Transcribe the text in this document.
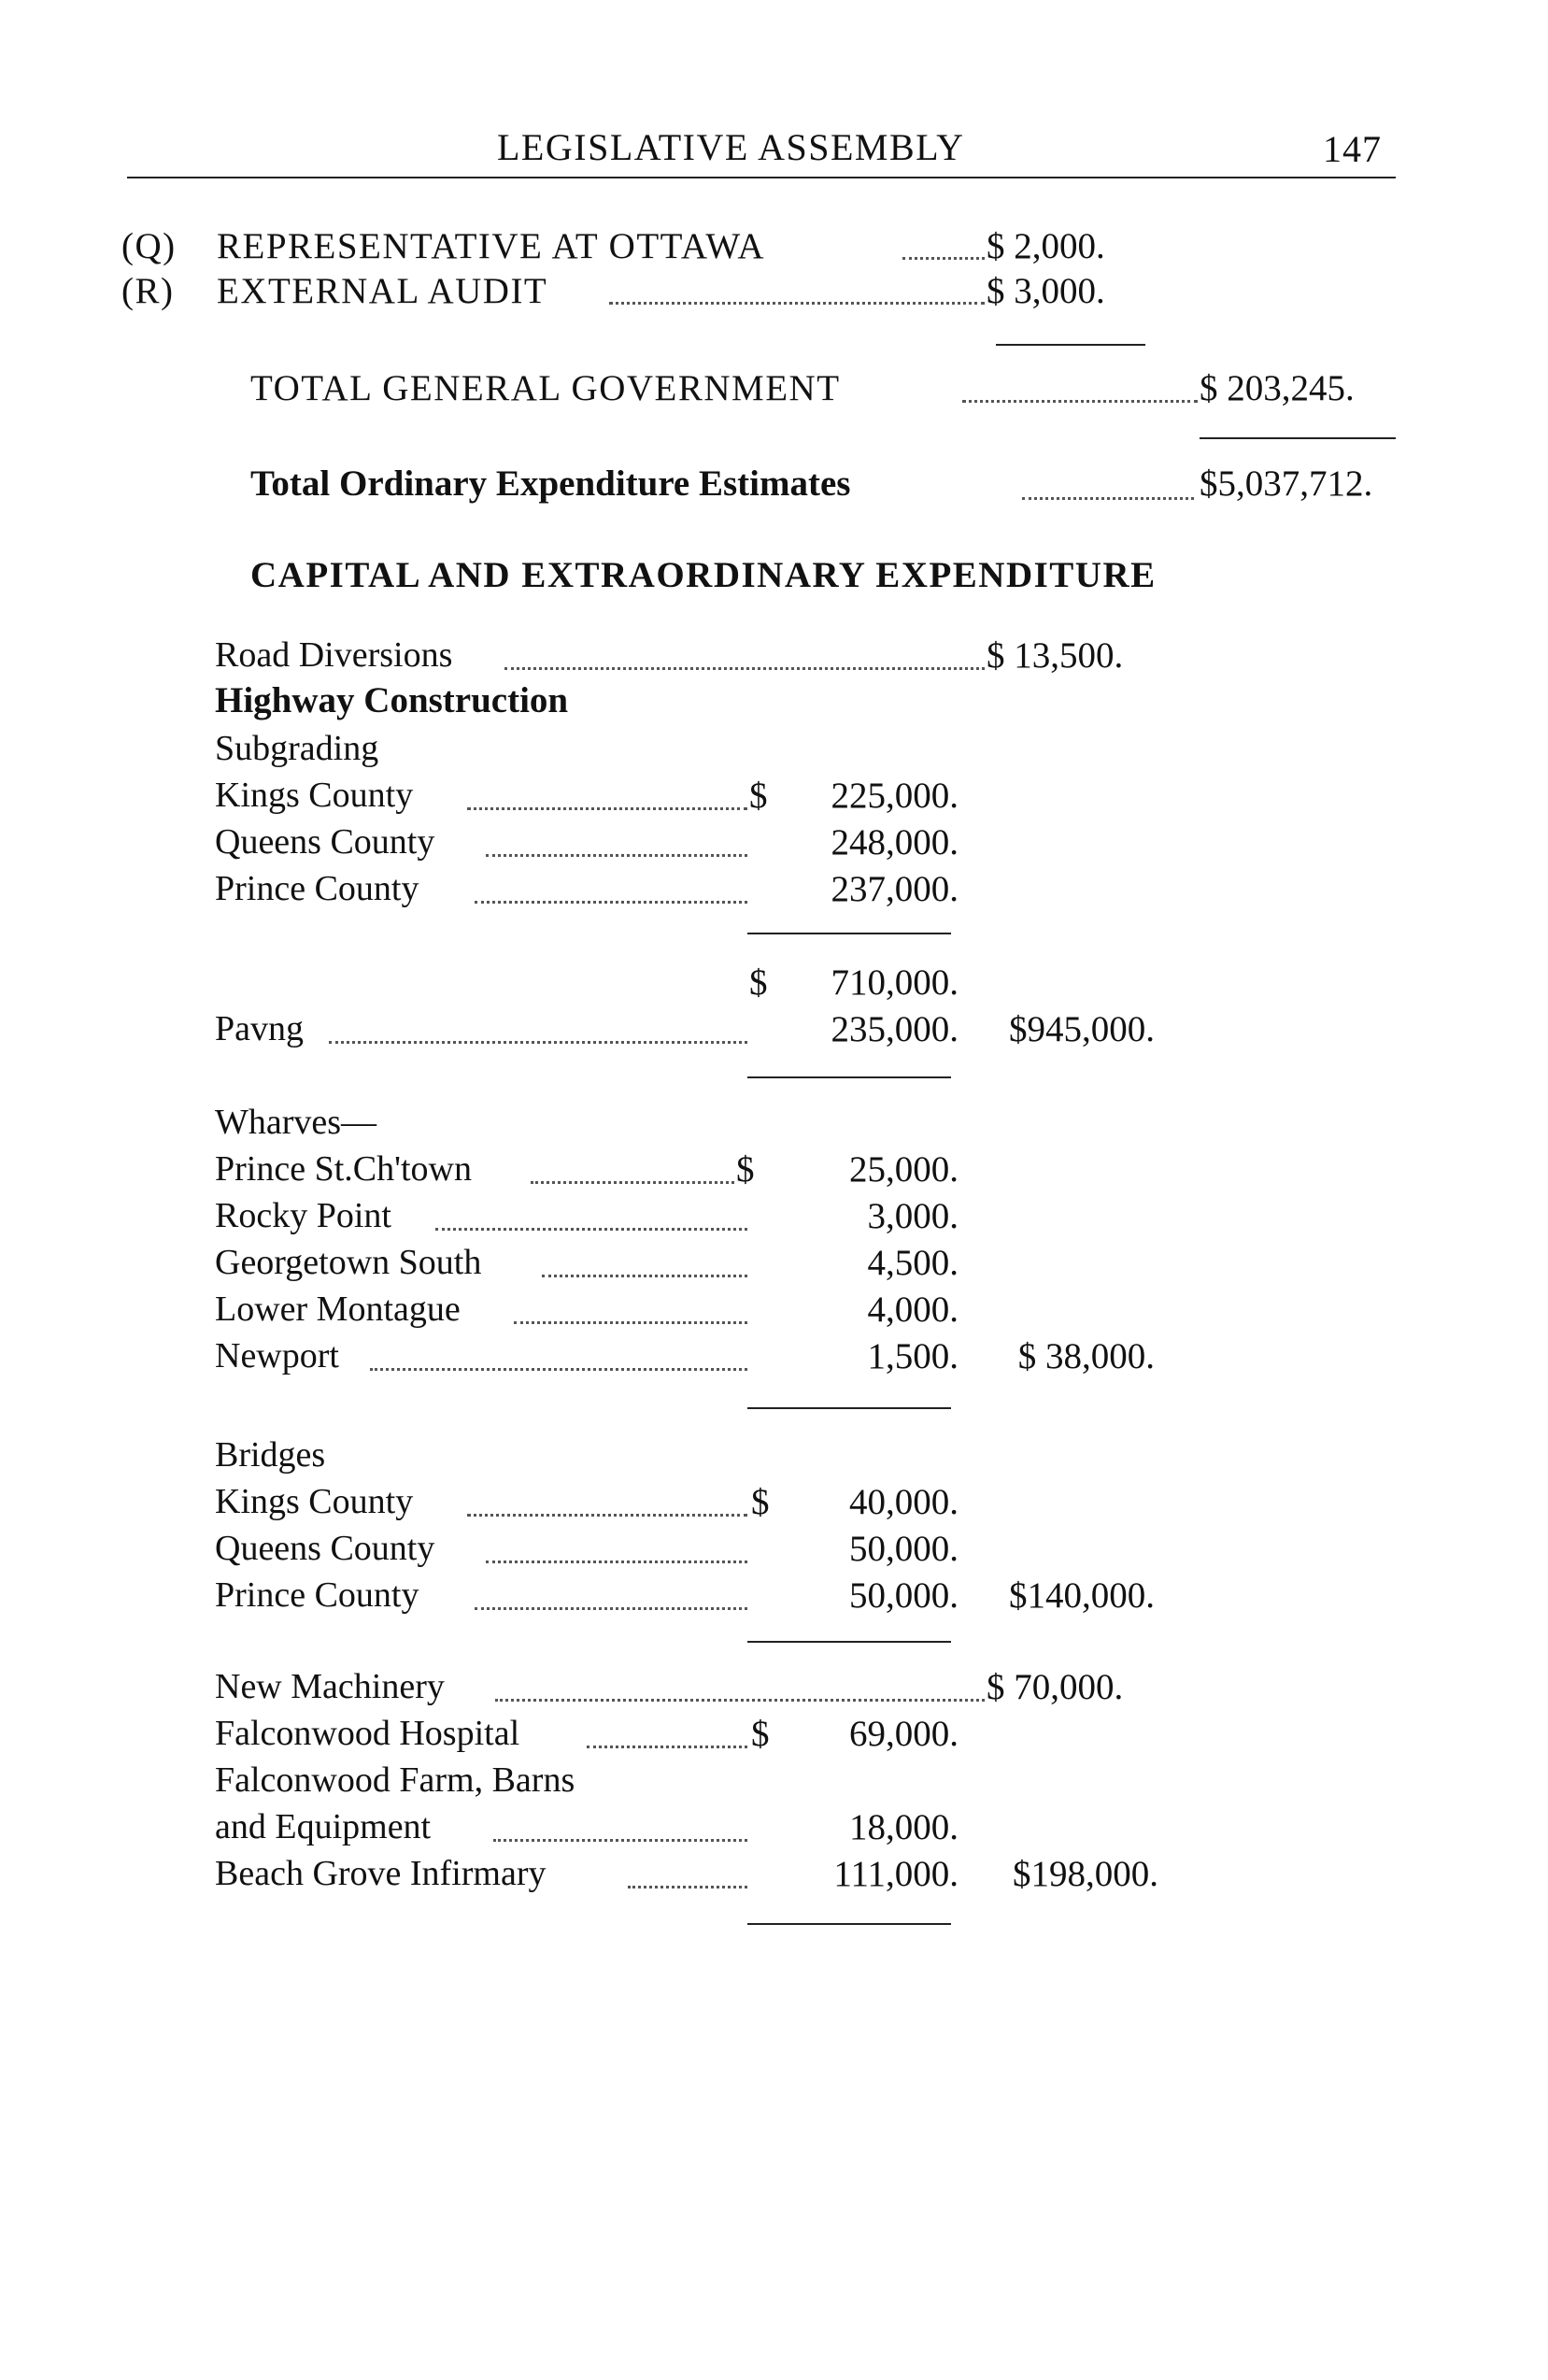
LEGISLATIVE ASSEMBLY	147
(Q) REPRESENTATIVE AT OTTAWA	$ 2,000.
(R) EXTERNAL AUDIT	$ 3,000.
TOTAL GENERAL GOVERNMENT	$ 203,245.
Total Ordinary Expenditure Estimates	$5,037,712.
CAPITAL AND EXTRAORDINARY EXPENDITURE
Road Diversions	$ 13,500.
Highway Construction
Subgrading
Kings County	$	225,000.
Queens County	248,000.
Prince County	237,000.
$	710,000.
Pavng	235,000.	$945,000.
Wharves—
Prince St.Ch'town	$	25,000.
Rocky Point	3,000.
Georgetown South	4,500.
Lower Montague	4,000.
Newport	1,500.	$ 38,000.
Bridges
Kings County	$	40,000.
Queens County	50,000.
Prince County	50,000.	$140,000.
New Machinery	$ 70,000.
Falconwood Hospital	$	69,000.
Falconwood Farm, Barns
and Equipment	18,000.
Beach Grove Infirmary	111,000.	$198,000.
